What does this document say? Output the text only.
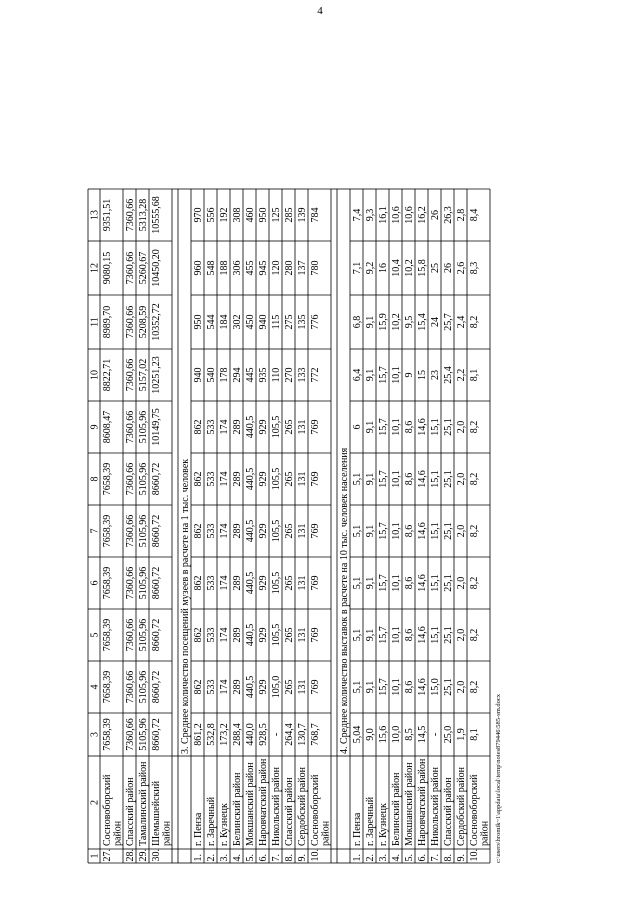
4
1
2
3
4
5
6
7
8
9
10
11
12
13
27.
Сосновоборский район
7658,39
7658,39
7658,39
7658,39
7658,39
7658,39
8608,47
8822,71
8989,70
9080,15
9351,51
28.
Спасский район
7360,66
7360,66
7360,66
7360,66
7360,66
7360,66
7360,66
7360,66
7360,66
7360,66
7360,66
29.
Тамалинский район
5105,96
5105,96
5105,96
5105,96
5105,96
5105,96
5105,96
5157,02
5208,59
5260,67
5313,28
30.
Шемышейский район
8660,72
8660,72
8660,72
8660,72
8660,72
8660,72
10149,75
10251,23
10352,72
10450,20
10555,68
3. Среднее количество посещений музеев в расчете на 1 тыс. человек
1.
г. Пенза
861,2
862
862
862
862
862
862
940
950
960
970
2.
г. Заречный
532,8
533
533
533
533
533
533
540
544
548
556
3.
г. Кузнецк
173,2
174
174
174
174
174
174
178
184
188
192
4.
Белинский район
288,4
289
289
289
289
289
289
294
302
306
308
5.
Мокшанский район
440,0
440,5
440,5
440,5
440,5
440,5
440,5
445
450
455
460
6.
Наровчатский район
928,5
929
929
929
929
929
929
935
940
945
950
7.
Никольский район
-
105,0
105,5
105,5
105,5
105,5
105,5
110
115
120
125
8.
Спасский район
264,4
265
265
265
265
265
265
270
275
280
285
9.
Сердобский район
130,7
131
131
131
131
131
131
133
135
137
139
10.
Сосновоборский район
768,7
769
769
769
769
769
769
772
776
780
784
4. Среднее количество выставок в расчете на 10 тыс. человек населения
1.
г. Пенза
5,04
5,1
5,1
5,1
5,1
5,1
6
6,4
6,8
7,1
7,4
2.
г. Заречный
9,0
9,1
9,1
9,1
9,1
9,1
9,1
9,1
9,1
9,2
9,3
3.
г. Кузнецк
15,6
15,7
15,7
15,7
15,7
15,7
15,7
15,7
15,9
16
16,1
4.
Белинский район
10,0
10,1
10,1
10,1
10,1
10,1
10,1
10,1
10,2
10,4
10,6
5.
Мокшанский район
8,5
8,6
8,6
8,6
8,6
8,6
8,6
9
9,5
10,2
10,6
6.
Наровчатский район
14,5
14,6
14,6
14,6
14,6
14,6
14,6
15
15,4
15,8
16,2
7.
Никольский район
-
15,0
15,1
15,1
15,1
15,1
15,1
23
24
25
26
8.
Спасский район
25,0
25,1
25,1
25,1
25,1
25,1
25,1
25,4
25,7
26
26,3
9.
Сердобский район
1,9
2,0
2,0
2,0
2,0
2,0
2,0
2,2
2,4
2,6
2,8
10.
Сосновоборский район
8,1
8,2
8,2
8,2
8,2
8,2
8,2
8,1
8,2
8,3
8,4
c:\users\hromik~1\appdata\local\temp\notes879446\585-sm.docx
